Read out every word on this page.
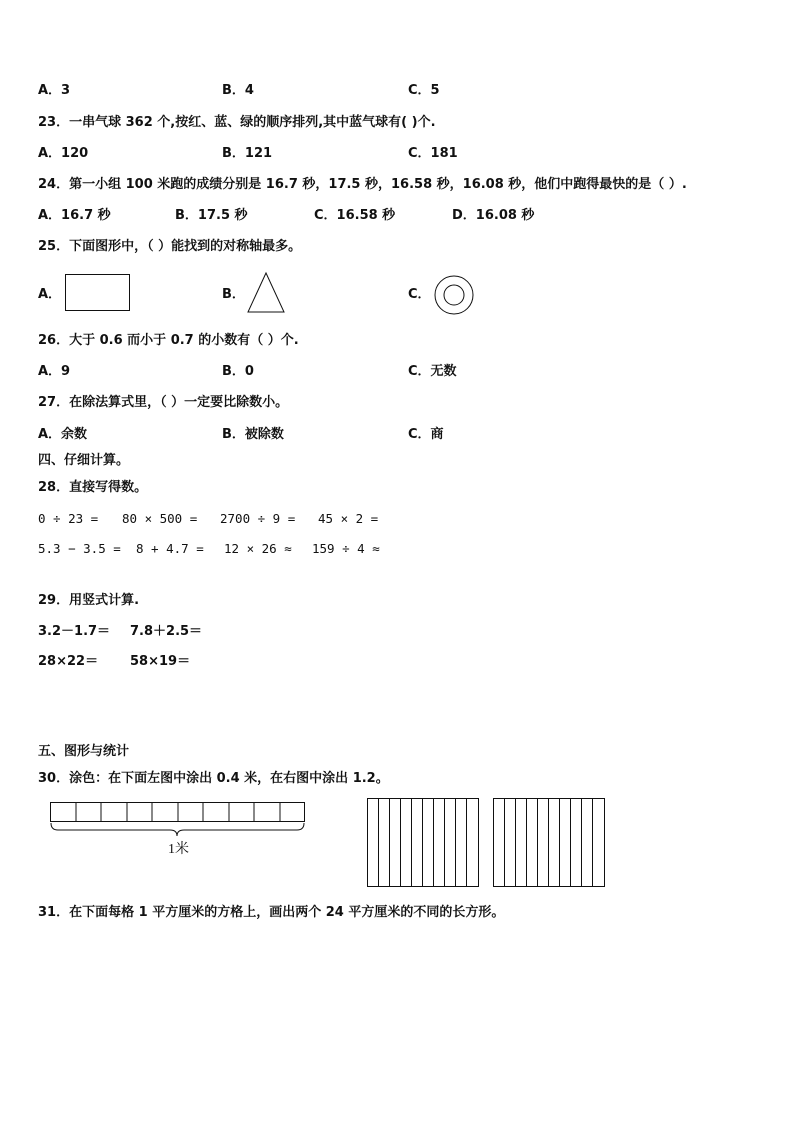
A．3	B．4	C．5
23．一串气球 362 个,按红、蓝、绿的顺序排列,其中蓝气球有( )个.
A．120	B．121	C．181
24．第一小组 100 米跑的成绩分别是 16.7 秒，17.5 秒，16.58 秒，16.08 秒，他们中跑得最快的是（ ）.
A．16.7 秒	B．17.5 秒	C．16.58 秒	D．16.08 秒
25．下面图形中，（ ）能找到的对称轴最多。
A．	B．	C．
26．大于 0.6 而小于 0.7 的小数有（ ）个.
A．9	B．0	C．无数
27．在除法算式里，（ ）一定要比除数小。
A．余数	B．被除数	C．商
四、仔细计算。
28．直接写得数。
0 ÷ 23 = 80 × 500 = 2700 ÷ 9 = 45 × 2 =
5.3 − 3.5 = 8 + 4.7 = 12 × 26 ≈ 159 ÷ 4 ≈
29．用竖式计算.
3.2－1.7＝ 7.8＋2.5＝
28×22＝ 58×19＝
五、图形与统计
30．涂色：在下面左图中涂出 0.4 米，在右图中涂出 1.2。
1米
31．在下面每格 1 平方厘米的方格上，画出两个 24 平方厘米的不同的长方形。
